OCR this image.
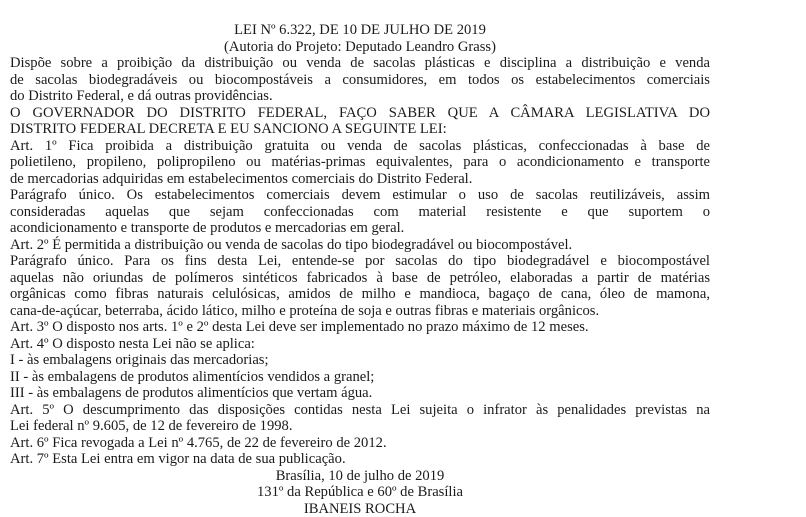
LEI Nº 6.322, DE 10 DE JULHO DE 2019
(Autoria do Projeto: Deputado Leandro Grass)
Dispõe sobre a proibição da distribuição ou venda de sacolas plásticas e disciplina a distribuição e venda
de sacolas biodegradáveis ou biocompostáveis a consumidores, em todos os estabelecimentos comerciais
do Distrito Federal, e dá outras providências.
O GOVERNADOR DO DISTRITO FEDERAL, FAÇO SABER QUE A CÂMARA LEGISLATIVA DO
DISTRITO FEDERAL DECRETA E EU SANCIONO A SEGUINTE LEI:
Art. 1º Fica proibida a distribuição gratuita ou venda de sacolas plásticas, confeccionadas à base de
polietileno, propileno, polipropileno ou matérias-primas equivalentes, para o acondicionamento e transporte
de mercadorias adquiridas em estabelecimentos comerciais do Distrito Federal.
Parágrafo único. Os estabelecimentos comerciais devem estimular o uso de sacolas reutilizáveis, assim
consideradas aquelas que sejam confeccionadas com material resistente e que suportem o
acondicionamento e transporte de produtos e mercadorias em geral.
Art. 2º É permitida a distribuição ou venda de sacolas do tipo biodegradável ou biocompostável.
Parágrafo único. Para os fins desta Lei, entende-se por sacolas do tipo biodegradável e biocompostável
aquelas não oriundas de polímeros sintéticos fabricados à base de petróleo, elaboradas a partir de matérias
orgânicas como fibras naturais celulósicas, amidos de milho e mandioca, bagaço de cana, óleo de mamona,
cana-de-açúcar, beterraba, ácido lático, milho e proteína de soja e outras fibras e materiais orgânicos.
Art. 3º O disposto nos arts. 1º e 2º desta Lei deve ser implementado no prazo máximo de 12 meses.
Art. 4º O disposto nesta Lei não se aplica:
I - às embalagens originais das mercadorias;
II - às embalagens de produtos alimentícios vendidos a granel;
III - às embalagens de produtos alimentícios que vertam água.
Art. 5º O descumprimento das disposições contidas nesta Lei sujeita o infrator às penalidades previstas na
Lei federal nº 9.605, de 12 de fevereiro de 1998.
Art. 6º Fica revogada a Lei nº 4.765, de 22 de fevereiro de 2012.
Art. 7º Esta Lei entra em vigor na data de sua publicação.
Brasília, 10 de julho de 2019
131º da República e 60º de Brasília
IBANEIS ROCHA
